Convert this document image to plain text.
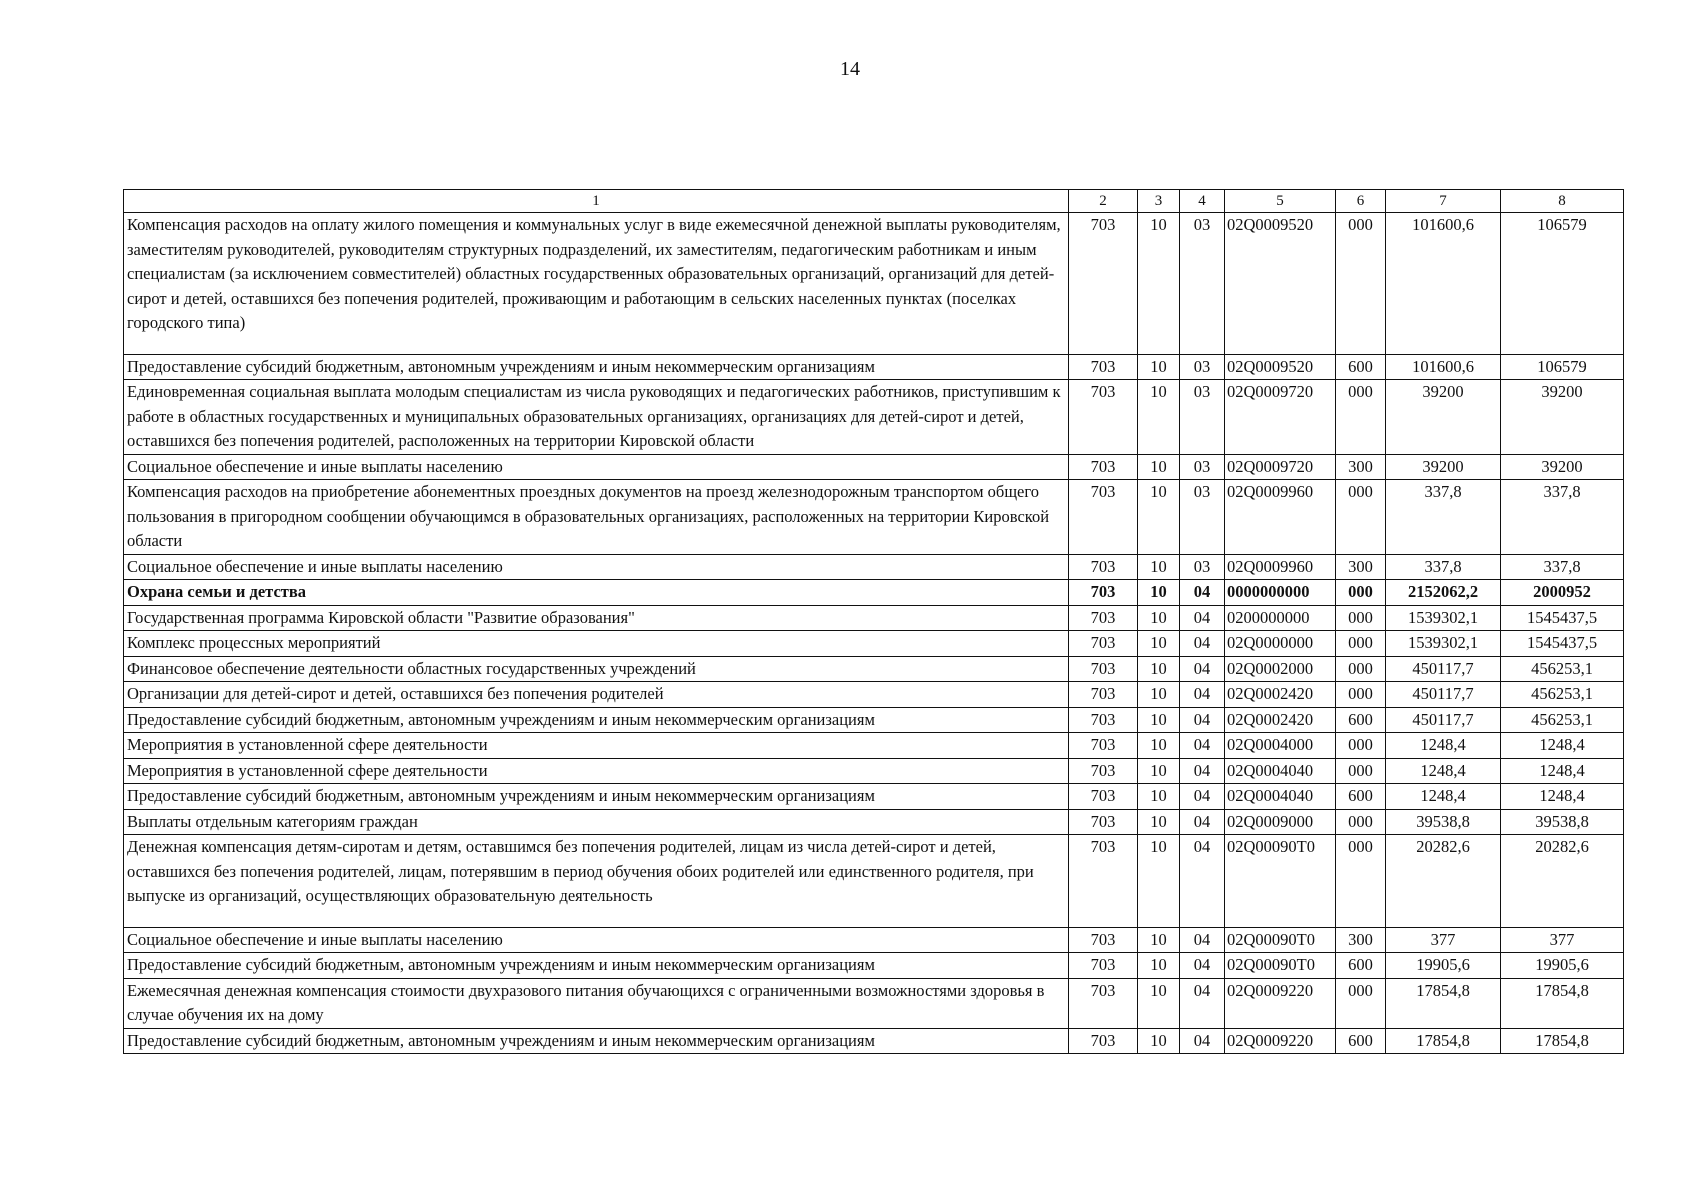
14
1	2	3	4	5	6	7	8
Компенсация расходов на оплату жилого помещения и коммунальных услуг в виде ежемесячной денежной выплаты руководителям, заместителям руководителей, руководителям структурных подразделений, их заместителям, педагогическим работникам и иным специалистам (за исключением совместителей) областных государственных образовательных организаций, организаций для детей-сирот и детей, оставшихся без попечения родителей, проживающим и работающим в сельских населенных пунктах (поселках городского типа)	703	10	03	02Q0009520	000	101600,6	106579
Предоставление субсидий бюджетным, автономным учреждениям и иным некоммерческим организациям	703	10	03	02Q0009520	600	101600,6	106579
Единовременная социальная выплата молодым специалистам из числа руководящих и педагогических работников, приступившим к работе в областных государственных и муниципальных образовательных организациях, организациях для детей-сирот и детей, оставшихся без попечения родителей, расположенных на территории Кировской области	703	10	03	02Q0009720	000	39200	39200
Социальное обеспечение и иные выплаты населению	703	10	03	02Q0009720	300	39200	39200
Компенсация расходов на приобретение абонементных проездных документов на проезд железнодорожным транспортом общего пользования в пригородном сообщении обучающимся в образовательных организациях, расположенных на территории Кировской области	703	10	03	02Q0009960	000	337,8	337,8
Социальное обеспечение и иные выплаты населению	703	10	03	02Q0009960	300	337,8	337,8
Охрана семьи и детства	703	10	04	0000000000	000	2152062,2	2000952
Государственная программа Кировской области "Развитие образования"	703	10	04	0200000000	000	1539302,1	1545437,5
Комплекс процессных мероприятий	703	10	04	02Q0000000	000	1539302,1	1545437,5
Финансовое обеспечение деятельности областных государственных учреждений	703	10	04	02Q0002000	000	450117,7	456253,1
Организации для детей-сирот и детей, оставшихся без попечения родителей	703	10	04	02Q0002420	000	450117,7	456253,1
Предоставление субсидий бюджетным, автономным учреждениям и иным некоммерческим организациям	703	10	04	02Q0002420	600	450117,7	456253,1
Мероприятия в установленной сфере деятельности	703	10	04	02Q0004000	000	1248,4	1248,4
Мероприятия в установленной сфере деятельности	703	10	04	02Q0004040	000	1248,4	1248,4
Предоставление субсидий бюджетным, автономным учреждениям и иным некоммерческим организациям	703	10	04	02Q0004040	600	1248,4	1248,4
Выплаты отдельным категориям граждан	703	10	04	02Q0009000	000	39538,8	39538,8
Денежная компенсация детям-сиротам и детям, оставшимся без попечения родителей, лицам из числа детей-сирот и детей, оставшихся без попечения родителей, лицам, потерявшим в период обучения обоих родителей или единственного родителя, при выпуске из организаций, осуществляющих образовательную деятельность	703	10	04	02Q00090T0	000	20282,6	20282,6
Социальное обеспечение и иные выплаты населению	703	10	04	02Q00090T0	300	377	377
Предоставление субсидий бюджетным, автономным учреждениям и иным некоммерческим организациям	703	10	04	02Q00090T0	600	19905,6	19905,6
Ежемесячная денежная компенсация стоимости двухразового питания обучающихся с ограниченными возможностями здоровья в случае обучения их на дому	703	10	04	02Q0009220	000	17854,8	17854,8
Предоставление субсидий бюджетным, автономным учреждениям и иным некоммерческим организациям	703	10	04	02Q0009220	600	17854,8	17854,8
